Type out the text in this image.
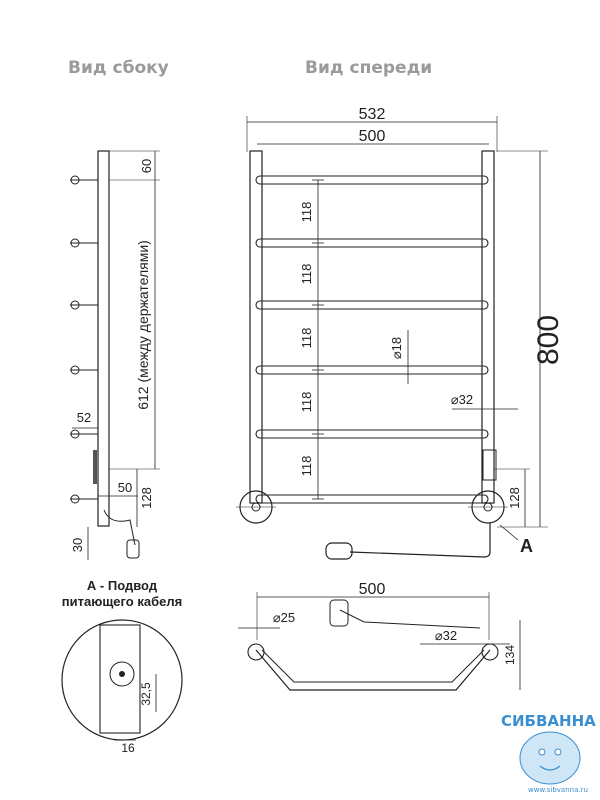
Вид сбоку	Вид спереди
532
500
118
118
118
118
118
⌀18
⌀32
800
128
A
60
612 (между держателями)
52
50 128
30
А - Подвод
питающего кабеля
32,5
16
500
⌀25
⌀32
134
СИБВАННА
www.sibvanna.ru
